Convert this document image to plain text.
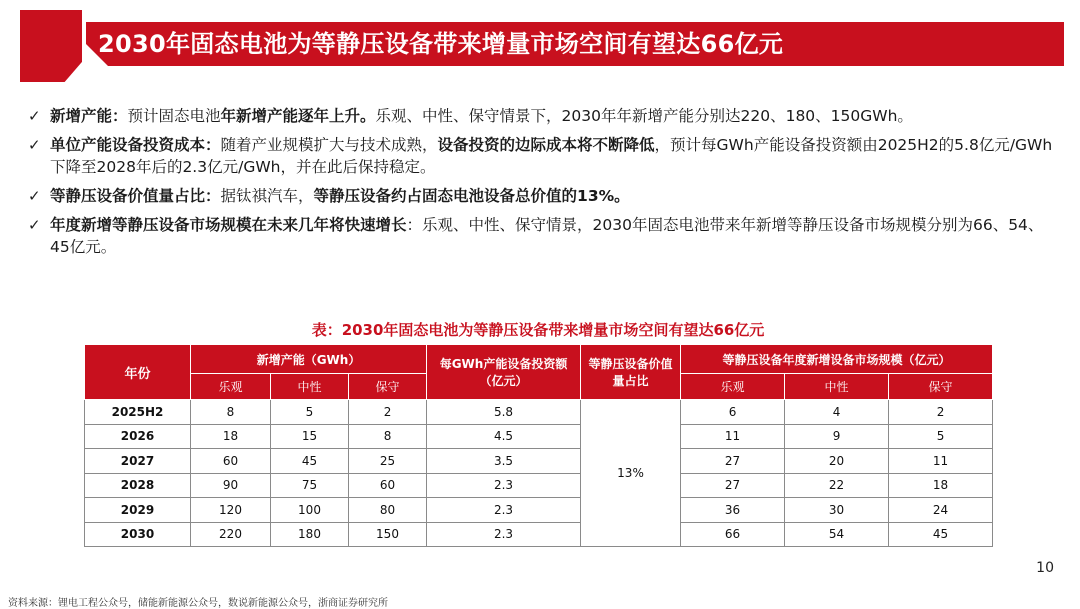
2030年固态电池为等静压设备带来增量市场空间有望达66亿元
✓ 新增产能：预计固态电池年新增产能逐年上升。乐观、中性、保守情景下，2030年年新增产能分别达220、180、150GWh。
✓ 单位产能设备投资成本：随着产业规模扩大与技术成熟，设备投资的边际成本将不断降低，预计每GWh产能设备投资额由2025H2的5.8亿元/GWh下降至2028年后的2.3亿元/GWh，并在此后保持稳定。
✓ 等静压设备价值量占比：据钛祺汽车，等静压设备约占固态电池设备总价值的13%。
✓ 年度新增等静压设备市场规模在未来几年将快速增长：乐观、中性、保守情景，2030年固态电池带来年新增等静压设备市场规模分别为66、54、45亿元。
表：2030年固态电池为等静压设备带来增量市场空间有望达66亿元
年份	新增产能（GWh）			每GWh产能设备投资额（亿元）	等静压设备价值量占比	等静压设备年度新增设备市场规模（亿元）		
	乐观	中性	保守			乐观	中性	保守
2025H2	8	5	2	5.8	13%	6	4	2
2026	18	15	8	4.5		11	9	5
2027	60	45	25	3.5		27	20	11
2028	90	75	60	2.3		27	22	18
2029	120	100	80	2.3		36	30	24
2030	220	180	150	2.3		66	54	45
10
资料来源：锂电工程公众号，储能新能源公众号，数说新能源公众号，浙商证券研究所
